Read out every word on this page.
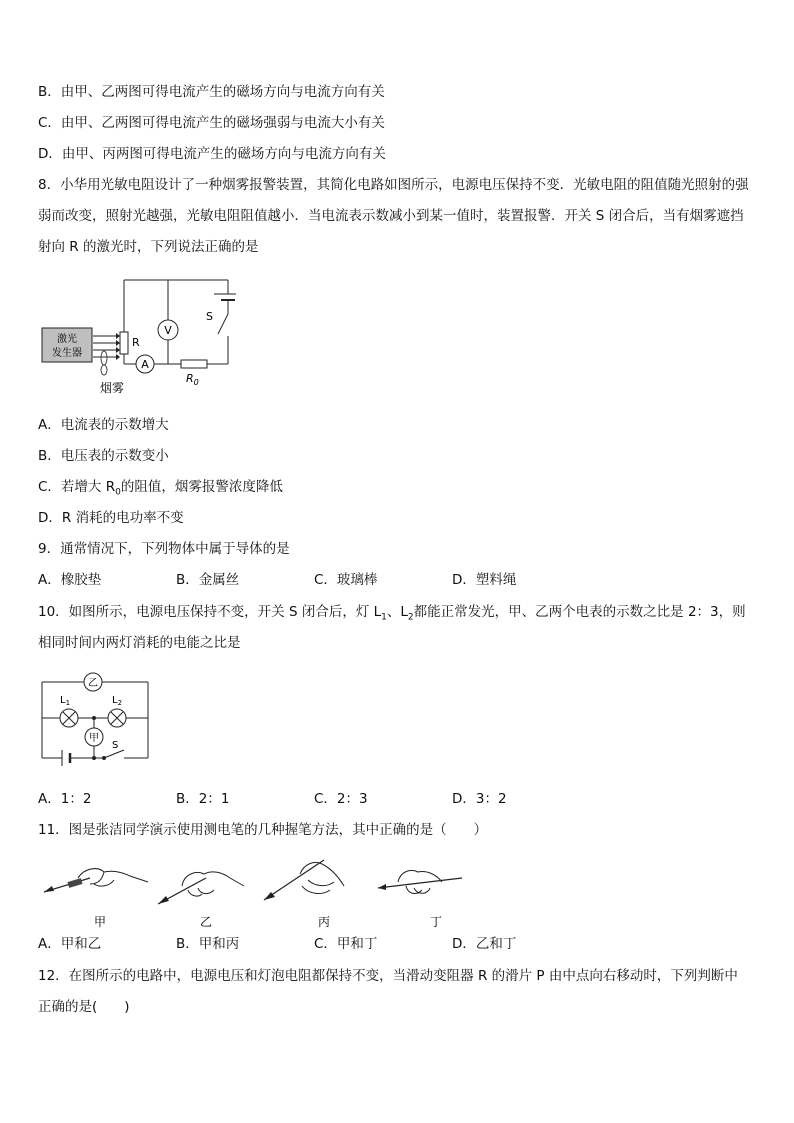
B．由甲、乙两图可得电流产生的磁场方向与电流方向有关
C．由甲、乙两图可得电流产生的磁场强弱与电流大小有关
D．由甲、丙两图可得电流产生的磁场方向与电流方向有关
8．小华用光敏电阻设计了一种烟雾报警装置，其简化电路如图所示，电源电压保持不变．光敏电阻的阻值随光照射的强弱而改变，照射光越强，光敏电阻阻值越小．当电流表示数减小到某一值时，装置报警．开关 S 闭合后，当有烟雾遮挡射向 R 的激光时，下列说法正确的是
V
S
R
A
$R_0$
激光
发生器
烟雾
A．电流表的示数增大
B．电压表的示数变小
C．若增大 $R_0$的阻值，烟雾报警浓度降低
D．R 消耗的电功率不变
9．通常情况下，下列物体中属于导体的是
A．橡胶垫	B．金属丝	C．玻璃棒	D．塑料绳
10．如图所示，电源电压保持不变，开关 S 闭合后，灯 $L_1$、$L_2$都能正常发光，甲、乙两个电表的示数之比是 2：3，则
相同时间内两灯消耗的电能之比是
乙
甲
$L_1$	$L_2$
S
A．1：2	B．2：1	C．2：3	D．3：2
11．图是张洁同学演示使用测电笔的几种握笔方法，其中正确的是（　　）
甲	乙	丙	丁
A．甲和乙	B．甲和丙	C．甲和丁	D．乙和丁
12．在图所示的电路中，电源电压和灯泡电阻都保持不变，当滑动变阻器 R 的滑片 P 由中点向右移动时，下列判断中
正确的是(　　)
